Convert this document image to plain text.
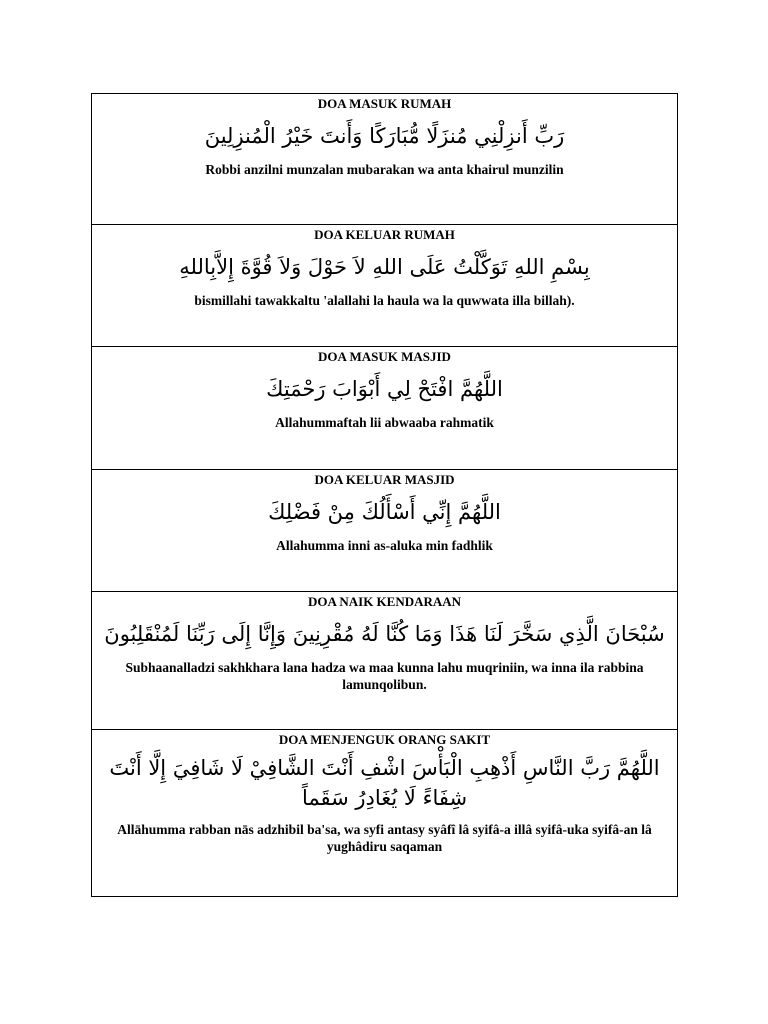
DOA MASUK RUMAH
رَبِّ أَنزِلْنِي مُنزَلًا مُّبَارَكًا وَأَنتَ خَيْرُ الْمُنزِلِينَ
Robbi anzilni munzalan mubarakan wa anta khairul munzilin
DOA KELUAR RUMAH
بِسْمِ اللهِ تَوَكَّلْتُ عَلَى اللهِ لاَ حَوْلَ وَلاَ قُوَّةَ إِلاَّبِاللهِ
bismillahi tawakkaltu 'alallahi la haula wa la quwwata illa billah).
DOA MASUK MASJID
اللَّهُمَّ افْتَحْ لِي أَبْوَابَ رَحْمَتِكَ
Allahummaftah lii abwaaba rahmatik
DOA KELUAR MASJID
اللَّهُمَّ إِنِّي أَسْأَلُكَ مِنْ فَضْلِكَ
Allahumma inni as-aluka min fadhlik
DOA NAIK KENDARAAN
سُبْحَانَ الَّذِي سَخَّرَ لَنَا هَذَا وَمَا كُنَّا لَهُ مُقْرِنِينَ وَإِنَّا إِلَى رَبِّنَا لَمُنْقَلِبُونَ
Subhaanalladzi sakhkhara lana hadza wa maa kunna lahu muqriniin, wa inna ila rabbina lamunqolibun.
DOA MENJENGUK ORANG SAKIT
اللَّهُمَّ رَبَّ النَّاسِ أَذْهِبِ الْبَأْسَ اشْفِ أَنْتَ الشَّافِيْ لَا شَافِيَ إِلَّا أَنْتَ شِفَاءً لَا يُغَادِرُ سَقَماً
Allāhumma rabban nās adzhibil ba'sa, wa syfi antasy syâfî lâ syifâ-a illâ syifâ-uka syifâ-an lâ yughâdiru saqaman
